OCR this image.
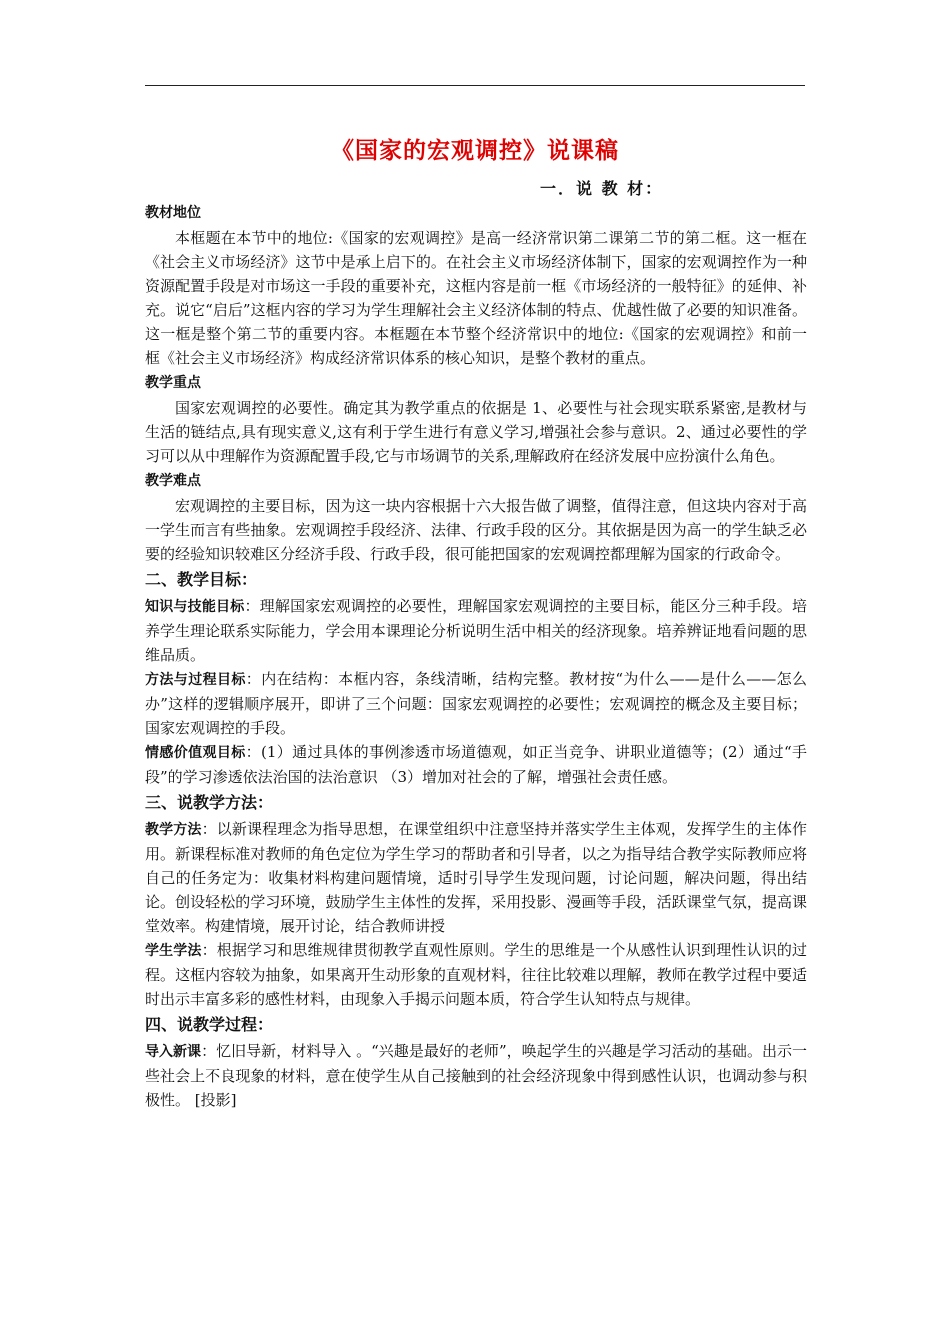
《国家的宏观调控》说课稿
一．说 教 材：

教材地位

本框题在本节中的地位:《国家的宏观调控》是高一经济常识第二课第二节的第二框。这一框在《社会主义市场经济》这节中是承上启下的。在社会主义市场经济体制下，国家的宏观调控作为一种资源配置手段是对市场这一手段的重要补充，这框内容是前一框《市场经济的一般特征》的延伸、补充。说它“启后”这框内容的学习为学生理解社会主义经济体制的特点、优越性做了必要的知识准备。这一框是整个第二节的重要内容。本框题在本节整个经济常识中的地位:《国家的宏观调控》和前一框《社会主义市场经济》构成经济常识体系的核心知识，是整个教材的重点。

教学重点

国家宏观调控的必要性。确定其为教学重点的依据是 1、必要性与社会现实联系紧密,是教材与生活的链结点,具有现实意义,这有利于学生进行有意义学习,增强社会参与意识。2、通过必要性的学习可以从中理解作为资源配置手段,它与市场调节的关系,理解政府在经济发展中应扮演什么角色。

教学难点

宏观调控的主要目标，因为这一块内容根据十六大报告做了调整，值得注意，但这块内容对于高一学生而言有些抽象。宏观调控手段经济、法律、行政手段的区分。其依据是因为高一的学生缺乏必要的经验知识较难区分经济手段、行政手段，很可能把国家的宏观调控都理解为国家的行政命令。

二、教学目标：

知识与技能目标：理解国家宏观调控的必要性，理解国家宏观调控的主要目标，能区分三种手段。培养学生理论联系实际能力，学会用本课理论分析说明生活中相关的经济现象。培养辨证地看问题的思维品质。

方法与过程目标：内在结构：本框内容，条线清晰，结构完整。教材按“为什么——是什么——怎么办”这样的逻辑顺序展开，即讲了三个问题：国家宏观调控的必要性；宏观调控的概念及主要目标；国家宏观调控的手段。

情感价值观目标：(1）通过具体的事例渗透市场道德观，如正当竞争、讲职业道德等；(2）通过“手段”的学习渗透依法治国的法治意识 （3）增加对社会的了解，增强社会责任感。

三、说教学方法：

教学方法：以新课程理念为指导思想，在课堂组织中注意坚持并落实学生主体观，发挥学生的主体作用。新课程标准对教师的角色定位为学生学习的帮助者和引导者，以之为指导结合教学实际教师应将自己的任务定为：收集材料构建问题情境，适时引导学生发现问题，讨论问题，解决问题，得出结论。创设轻松的学习环境，鼓励学生主体性的发挥，采用投影、漫画等手段，活跃课堂气氛，提高课堂效率。构建情境，展开讨论，结合教师讲授

学生学法：根据学习和思维规律贯彻教学直观性原则。学生的思维是一个从感性认识到理性认识的过程。这框内容较为抽象，如果离开生动形象的直观材料，往往比较难以理解，教师在教学过程中要适时出示丰富多彩的感性材料，由现象入手揭示问题本质，符合学生认知特点与规律。

四、说教学过程：

导入新课：忆旧导新，材料导入 。“兴趣是最好的老师”，唤起学生的兴趣是学习活动的基础。出示一些社会上不良现象的材料，意在使学生从自己接触到的社会经济现象中得到感性认识，也调动参与积极性。 [投影]
